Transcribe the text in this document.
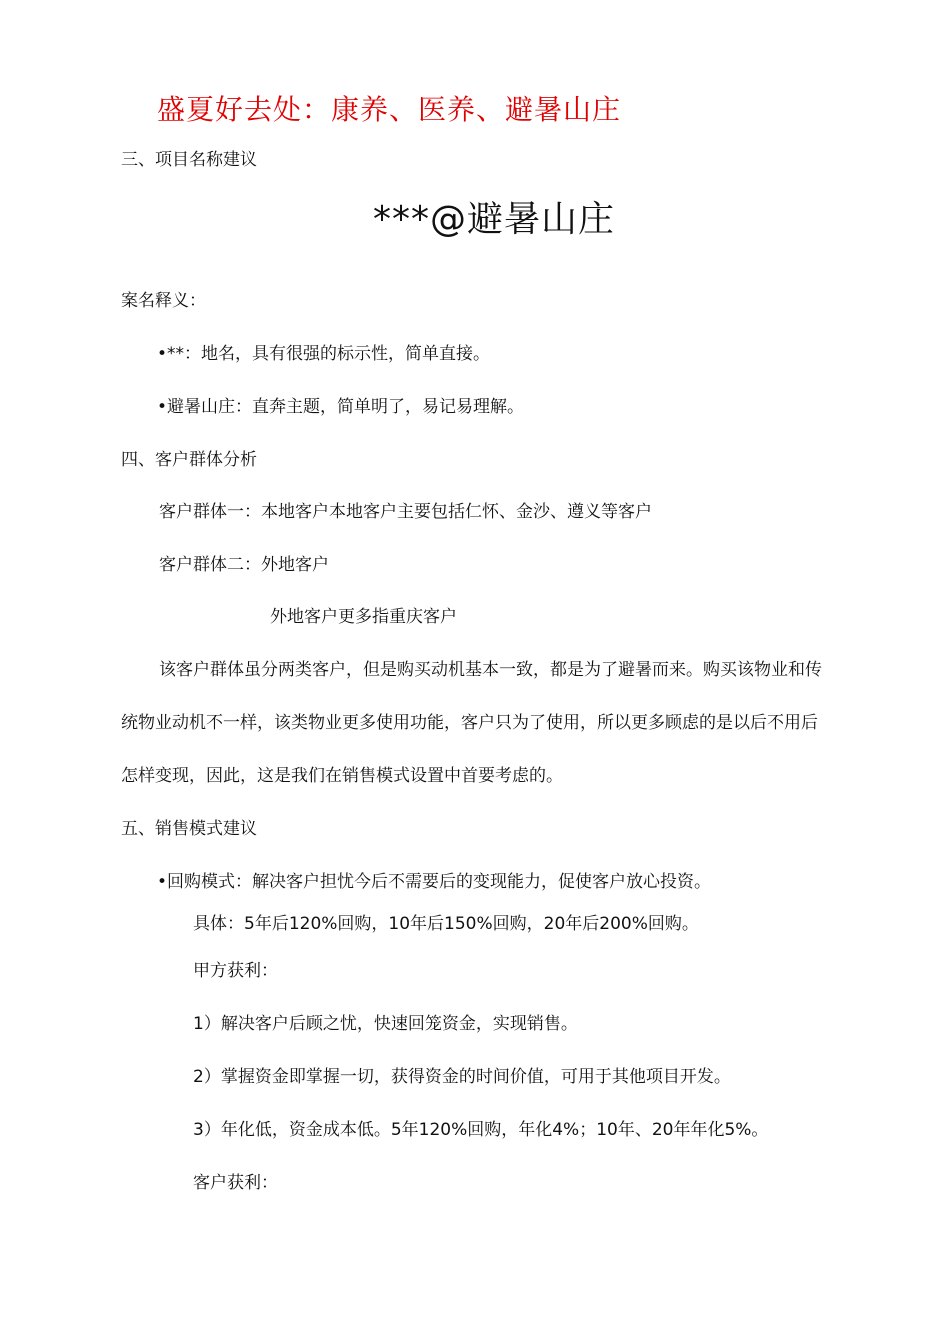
盛夏好去处：康养、医养、避暑山庄
三、项目名称建议
***@避暑山庄
案名释义：
•**：地名，具有很强的标示性，简单直接。
•避暑山庄：直奔主题，简单明了，易记易理解。
四、客户群体分析
客户群体一：本地客户本地客户主要包括仁怀、金沙、遵义等客户
客户群体二：外地客户
外地客户更多指重庆客户
该客户群体虽分两类客户，但是购买动机基本一致，都是为了避暑而来。购买该物业和传
统物业动机不一样，该类物业更多使用功能，客户只为了使用，所以更多顾虑的是以后不用后
怎样变现，因此，这是我们在销售模式设置中首要考虑的。
五、销售模式建议
•回购模式：解决客户担忧今后不需要后的变现能力，促使客户放心投资。
具体：5年后120%回购，10年后150%回购，20年后200%回购。
甲方获利：
1）解决客户后顾之忧，快速回笼资金，实现销售。
2）掌握资金即掌握一切，获得资金的时间价值，可用于其他项目开发。
3）年化低，资金成本低。5年120%回购，年化4%；10年、20年年化5%。
客户获利：
